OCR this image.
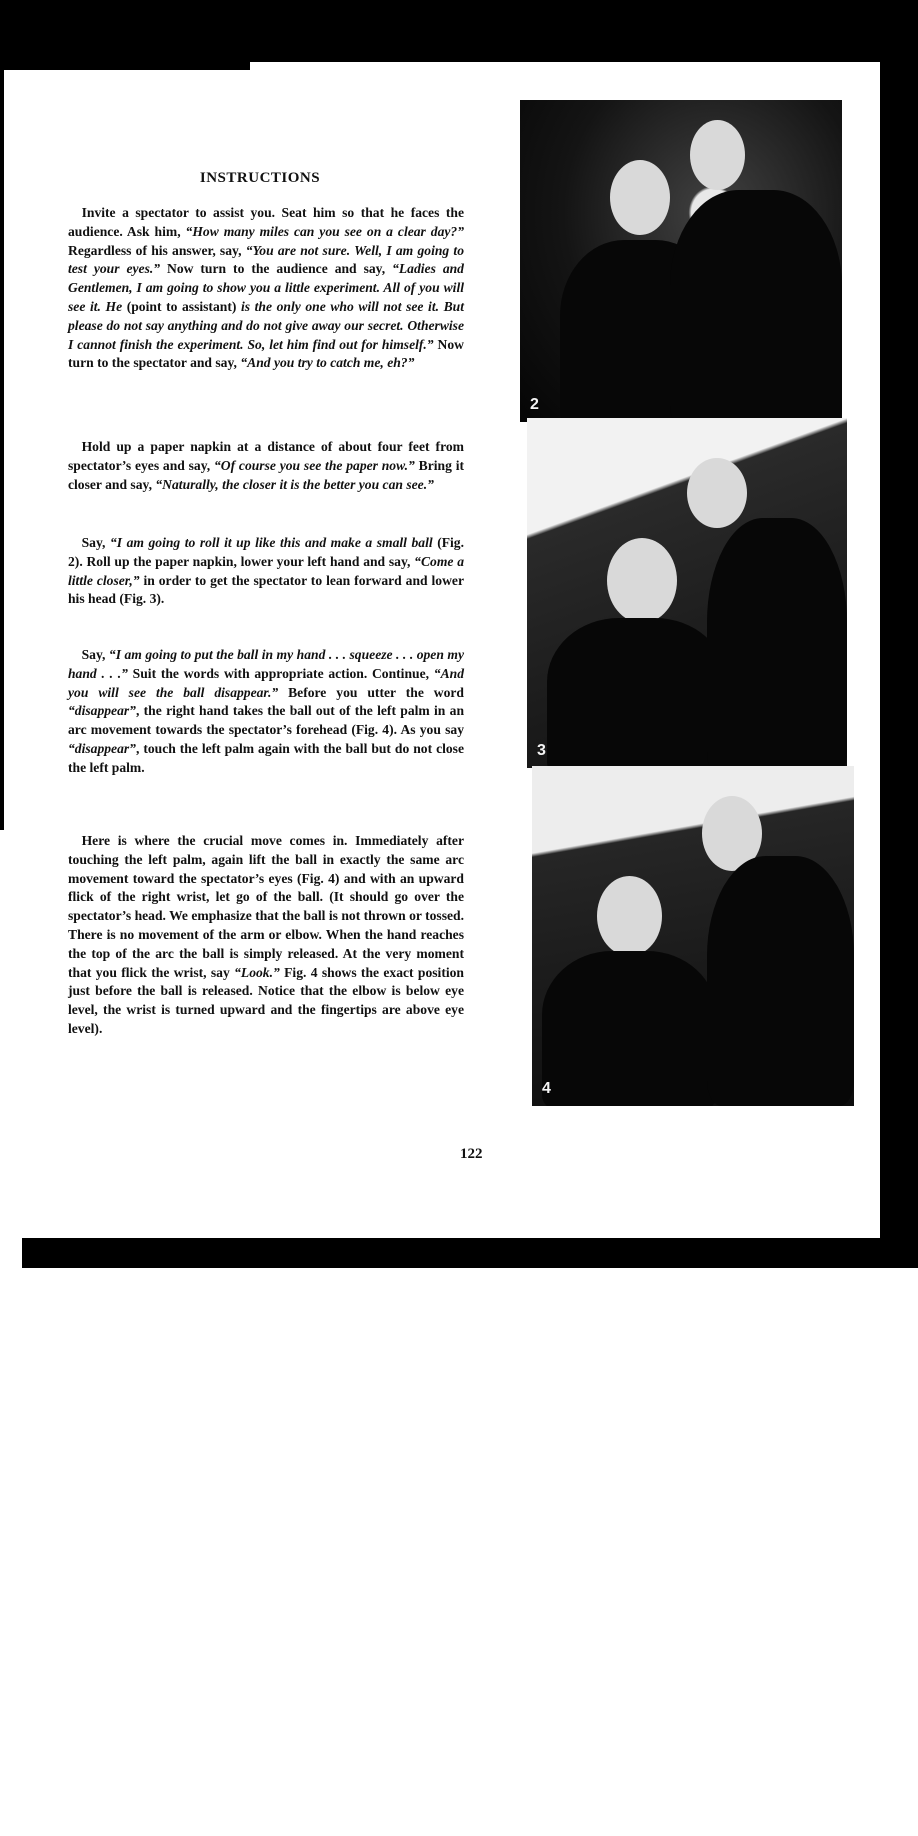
INSTRUCTIONS

 Invite a spectator to assist you. Seat him so that he faces the audience. Ask him, “How many miles can you see on a clear day?” Regardless of his answer, say, “You are not sure. Well, I am going to test your eyes.” Now turn to the audience and say, “Ladies and Gentlemen, I am going to show you a little experiment. All of you will see it. He (point to assistant) is the only one who will not see it. But please do not say anything and do not give away our secret. Otherwise I cannot finish the experiment. So, let him find out for himself.” Now turn to the spectator and say, “And you try to catch me, eh?”

 Hold up a paper napkin at a distance of about four feet from spectator’s eyes and say, “Of course you see the paper now.” Bring it closer and say, “Naturally, the closer it is the better you can see.”

 Say, “I am going to roll it up like this and make a small ball (Fig. 2). Roll up the paper napkin, lower your left hand and say, “Come a little closer,” in order to get the spectator to lean forward and lower his head (Fig. 3).

 Say, “I am going to put the ball in my hand . . . squeeze . . . open my hand . . .” Suit the words with appropriate action. Continue, “And you will see the ball disappear.” Before you utter the word “disappear”, the right hand takes the ball out of the left palm in an arc movement towards the spectator’s forehead (Fig. 4). As you say “disappear”, touch the left palm again with the ball but do not close the left palm.

 Here is where the crucial move comes in. Immediately after touching the left palm, again lift the ball in exactly the same arc movement toward the spectator’s eyes (Fig. 4) and with an upward flick of the right wrist, let go of the ball. (It should go over the spectator’s head. We emphasize that the ball is not thrown or tossed. There is no movement of the arm or elbow. When the hand reaches the top of the arc the ball is simply released. At the very moment that you flick the wrist, say “Look.” Fig. 4 shows the exact position just before the ball is released. Notice that the elbow is below eye level, the wrist is turned upward and the fingertips are above eye level).

2
3
4
122
